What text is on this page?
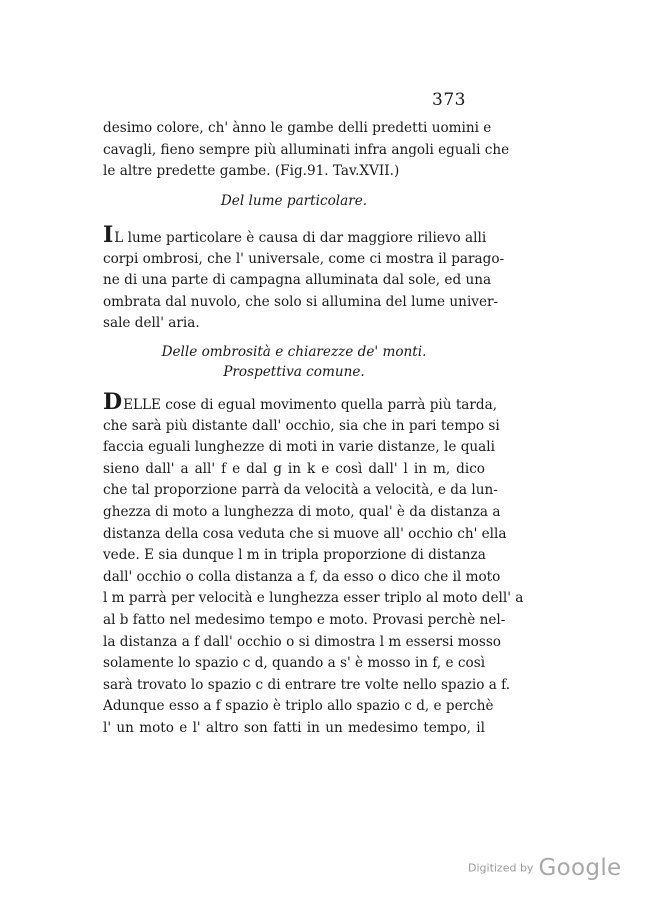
373
desimo colore, ch' ànno le gambe delli predetti uomini e
cavagli, fieno sempre più alluminati infra angoli eguali che
le altre predette gambe. (Fig.91. Tav.XVII.)
Del lume particolare.
IL lume particolare è causa di dar maggiore rilievo alli
corpi ombrosi, che l' universale, come ci mostra il parago-
ne di una parte di campagna alluminata dal sole, ed una
ombrata dal nuvolo, che solo si allumina del lume univer-
sale dell' aria.
Delle ombrosità e chiarezze de' monti.
Prospettiva comune.
DELLE cose di egual movimento quella parrà più tarda,
che sarà più distante dall' occhio, sia che in pari tempo si
faccia eguali lunghezze di moti in varie distanze, le quali
sieno dall' a all' f e dal g in k e così dall' l in m, dico
che tal proporzione parrà da velocità a velocità, e da lun-
ghezza di moto a lunghezza di moto, qual' è da distanza a
distanza della cosa veduta che si muove all' occhio ch' ella
vede. E sia dunque l m in tripla proporzione di distanza
dall' occhio o colla distanza a f, da esso o dico che il moto
l m parrà per velocità e lunghezza esser triplo al moto dell' a
al b fatto nel medesimo tempo e moto. Provasi perchè nel-
la distanza a f dall' occhio o si dimostra l m essersi mosso
solamente lo spazio c d, quando a s' è mosso in f, e così
sarà trovato lo spazio c di entrare tre volte nello spazio a f.
Adunque esso a f spazio è triplo allo spazio c d, e perchè
l' un moto e l' altro son fatti in un medesimo tempo, il
Digitized by Google
